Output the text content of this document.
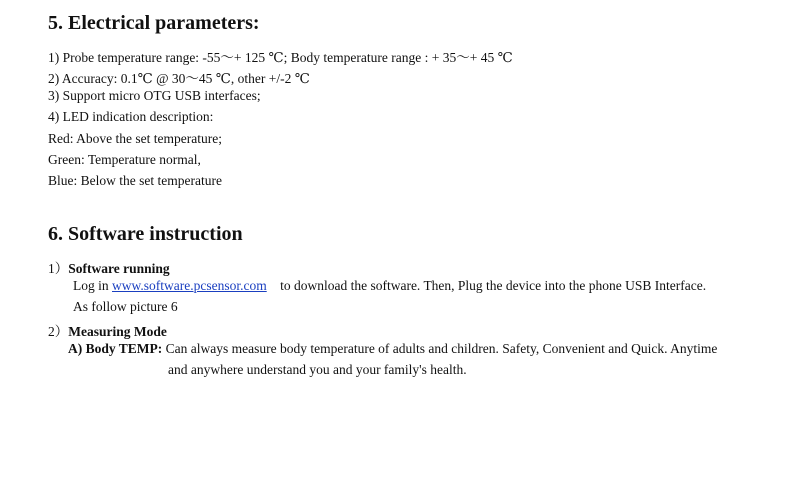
5. Electrical parameters:

1) Probe temperature range: -55～+ 125 ℃; Body temperature range : + 35～+ 45 ℃

2) Accuracy: 0.1℃ @ 30～45 ℃, other +/-2 ℃

3) Support micro OTG USB interfaces;

4) LED indication description:

Red: Above the set temperature;

Green: Temperature normal,

Blue: Below the set temperature

6. Software instruction

1）Software running

Log in www.software.pcsensor.com to download the software. Then, Plug the device into the phone USB Interface.

As follow picture 6

2）Measuring Mode

A) Body TEMP: Can always measure body temperature of adults and children. Safety, Convenient and Quick. Anytime

and anywhere understand you and your family's health.
